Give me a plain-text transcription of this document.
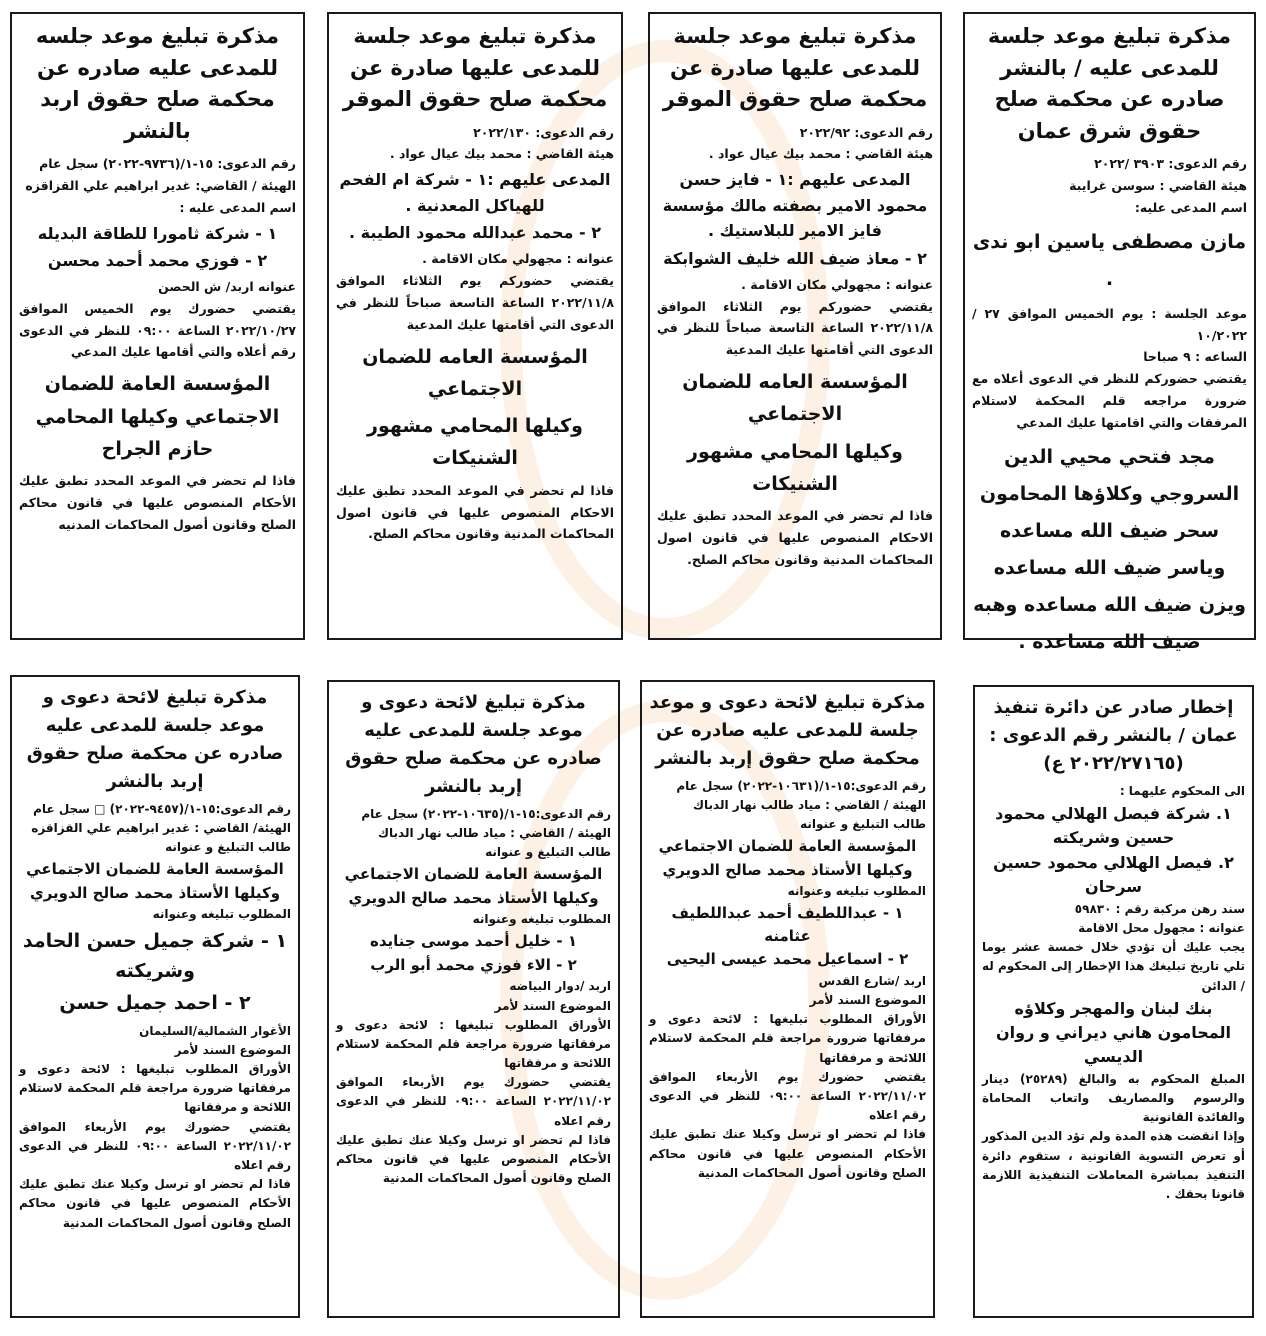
مذكرة تبليغ موعد جلسة للمدعى عليه / بالنشر صادره عن محكمة صلح حقوق شرق عمان

رقم الدعوى: ٣٩٠٣ /٢٠٢٢

هيئة القاضي : سوسن غرايبة

اسم المدعى عليه:

مازن مصطفى ياسين ابو ندى .

موعد الجلسة : يوم الخميس الموافق ٢٧ /١٠/٢٠٢٢

الساعه : ٩ صباحا

يقتضي حضوركم للنظر في الدعوى أعلاه مع ضرورة مراجعه قلم المحكمة لاستلام المرفقات والتي اقامتها عليك المدعي

مجد فتحي محيي الدين السروجي وكلاؤها المحامون سحر ضيف الله مساعده وياسر ضيف الله مساعده ويزن ضيف الله مساعده وهبه ضيف الله مساعده .

مذكرة تبليغ موعد جلسة للمدعى عليها صادرة عن محكمة صلح حقوق الموقر

رقم الدعوى: ٢٠٢٢/٩٢

هيئة القاضي : محمد بيك عيال عواد .

المدعى عليهم :١ - فايز حسن محمود الامير بصفته مالك مؤسسة فايز الامير للبلاستيك .

٢ - معاذ ضيف الله خليف الشوابكة

عنوانه : مجهولي مكان الاقامة .

يقتضي حضوركم يوم الثلاثاء الموافق ٢٠٢٢/١١/٨ الساعة التاسعة صباحاً للنظر في الدعوى التي أقامتها عليك المدعية

المؤسسة العامه للضمان الاجتماعي

وكيلها المحامي مشهور الشنيكات

فاذا لم تحضر في الموعد المحدد تطبق عليك الاحكام المنصوص عليها في قانون اصول المحاكمات المدنية وقانون محاكم الصلح.

مذكرة تبليغ موعد جلسة للمدعى عليها صادرة عن محكمة صلح حقوق الموقر

رقم الدعوى: ٢٠٢٢/١٣٠

هيئة القاضي : محمد بيك عيال عواد .

المدعى عليهم :١ - شركة ام الفحم للهياكل المعدنية .

٢ - محمد عبدالله محمود الطيبة .

عنوانه : مجهولي مكان الاقامة .

يقتضي حضوركم يوم الثلاثاء الموافق ٢٠٢٢/١١/٨ الساعة التاسعة صباحاً للنظر في الدعوى التي أقامتها عليك المدعية

المؤسسة العامه للضمان الاجتماعي

وكيلها المحامي مشهور الشنيكات

فاذا لم تحضر في الموعد المحدد تطبق عليك الاحكام المنصوص عليها في قانون اصول المحاكمات المدنية وقانون محاكم الصلح.

مذكرة تبليغ موعد جلسه للمدعى عليه صادره عن محكمة صلح حقوق اربد بالنشر

رقم الدعوى: ١٥-١/(٩٧٣٦-٢٠٢٢) سجل عام

الهيئة / القاضي: غدير ابراهيم علي القزاقزه

اسم المدعى عليه :

١ - شركة ثامورا للطاقة البديله

٢ - فوزي محمد أحمد محسن

عنوانه اربد/ ش الحصن

يقتضي حضورك يوم الخميس الموافق ٢٠٢٢/١٠/٢٧ الساعة ٠٩:٠٠ للنظر في الدعوى رقم أعلاه والتي أقامها عليك المدعي

المؤسسة العامة للضمان الاجتماعي وكيلها المحامي حازم الجراح

فاذا لم تحضر في الموعد المحدد تطبق عليك الأحكام المنصوص عليها في قانون محاكم الصلح وقانون أصول المحاكمات المدنيه

إخطار صادر عن دائرة تنفيذ عمان / بالنشر رقم الدعوى : (٢٠٢٢/٢٧١٦٥ ع)

الى المحكوم عليهما :

١. شركة فيصل الهلالي محمود حسين وشريكته

٢. فيصل الهلالي محمود حسين سرحان

سند رهن مركبة رقم : ٥٩٨٣٠

عنوانه : مجهول محل الاقامة

يجب عليك أن تؤدي خلال خمسة عشر يوما تلي تاريخ تبليغك هذا الإخطار إلى المحكوم له / الدائن

بنك لبنان والمهجر وكلاؤه المحامون هاني ديراني و روان الديسي

المبلغ المحكوم به والبالغ (٢٥٢٨٩) دينار والرسوم والمصاريف واتعاب المحاماة والفائدة القانونية

وإذا انقضت هذه المدة ولم تؤد الدين المذكور أو تعرض التسوية القانونية ، ستقوم دائرة التنفيذ بمباشرة المعاملات التنفيذية اللازمة قانونا بحقك .

مذكرة تبليغ لائحة دعوى و موعد جلسة للمدعى عليه صادره عن محكمة صلح حقوق إربد بالنشر

رقم الدعوى:١٥-١/(١٠٦٣١-٢٠٢٢) سجل عام

الهيئة / القاضي : مياد طالب نهار الدباك

طالب التبليغ و عنوانه

المؤسسة العامة للضمان الاجتماعي

وكيلها الأستاذ محمد صالح الدويري

المطلوب تبليغه وعنوانه

١ - عبداللطيف أحمد عبداللطيف عثامنه

٢ - اسماعيل محمد عيسى اليحيى

اربد /شارع القدس

الموضوع السند لأمر

الأوراق المطلوب تبليغها : لائحة دعوى و مرفقاتها ضرورة مراجعة قلم المحكمة لاستلام اللائحة و مرفقاتها

يقتضي حضورك يوم الأربعاء الموافق ٢٠٢٢/١١/٠٢ الساعة ٠٩:٠٠ للنظر في الدعوى رقم اعلاه

فاذا لم تحضر او ترسل وكيلا عنك تطبق عليك الأحكام المنصوص عليها في قانون محاكم الصلح وقانون أصول المحاكمات المدنية

مذكرة تبليغ لائحة دعوى و موعد جلسة للمدعى عليه صادره عن محكمة صلح حقوق إربد بالنشر

رقم الدعوى:١٥-١/(١٠٦٣٥-٢٠٢٢) سجل عام

الهيئة / القاضي : مياد طالب نهار الدباك

طالب التبليغ و عنوانه

المؤسسة العامة للضمان الاجتماعي

وكيلها الأستاذ محمد صالح الدويري

المطلوب تبليغه وعنوانه

١ - خليل أحمد موسى جنايده

٢ - الاء فوزي محمد أبو الرب

اربد /دوار البياضه

الموضوع السند لأمر

الأوراق المطلوب تبليغها : لائحة دعوى و مرفقاتها ضرورة مراجعة قلم المحكمة لاستلام اللائحة و مرفقاتها

يقتضي حضورك يوم الأربعاء الموافق ٢٠٢٢/١١/٠٢ الساعة ٠٩:٠٠ للنظر في الدعوى رقم اعلاه

فاذا لم تحضر او ترسل وكيلا عنك تطبق عليك الأحكام المنصوص عليها في قانون محاكم الصلح وقانون أصول المحاكمات المدنية

مذكرة تبليغ لائحة دعوى و موعد جلسة للمدعى عليه صادره عن محكمة صلح حقوق إربد بالنشر

رقم الدعوى:١٥-١/(٩٤٥٧-٢٠٢٢) □ سجل عام

الهيئة/ القاضي : غدير ابراهيم علي القزاقزه

طالب التبليغ و عنوانه

المؤسسة العامة للضمان الاجتماعي

وكيلها الأستاذ محمد صالح الدويري

المطلوب تبليغه وعنوانه

١ - شركة جميل حسن الحامد وشريكته

٢ - احمد جميل حسن

الأغوار الشمالية/السليمان

الموضوع السند لأمر

الأوراق المطلوب تبليغها : لائحة دعوى و مرفقاتها ضرورة مراجعة قلم المحكمة لاستلام اللائحة و مرفقاتها

يقتضي حضورك يوم الأربعاء الموافق ٢٠٢٢/١١/٠٢ الساعة ٠٩:٠٠ للنظر في الدعوى رقم اعلاه

فاذا لم تحضر او ترسل وكيلا عنك تطبق عليك الأحكام المنصوص عليها في قانون محاكم الصلح وقانون أصول المحاكمات المدنية
